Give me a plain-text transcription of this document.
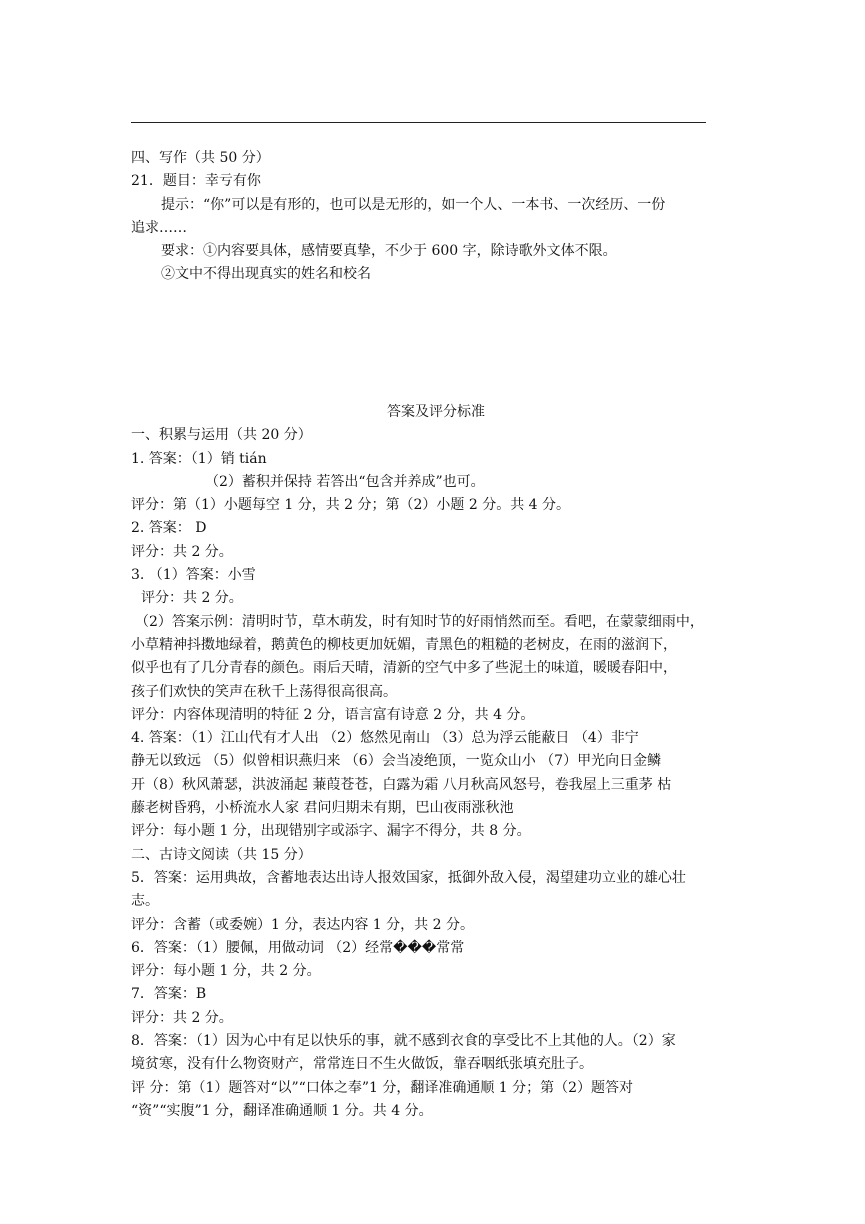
四、写作（共 50 分）
21．题目：幸亏有你
提示：“你”可以是有形的，也可以是无形的，如一个人、一本书、一次经历、一份
追求……
要求：①内容要具体，感情要真挚，不少于 600 字，除诗歌外文体不限。
②文中不得出现真实的姓名和校名
答案及评分标准
一、积累与运用（共 20 分）
1. 答案：（1）销 tián
（2）蓄积并保持 若答出“包含并养成”也可。
评分：第（1）小题每空 1 分，共 2 分；第（2）小题 2 分。共 4 分。
2. 答案： D
评分：共 2 分。
3. （1）答案：小雪
评分：共 2 分。
（2）答案示例：清明时节，草木萌发，时有知时节的好雨悄然而至。看吧，在蒙蒙细雨中，
小草精神抖擞地绿着，鹅黄色的柳枝更加妩媚，青黑色的粗糙的老树皮，在雨的滋润下，
似乎也有了几分青春的颜色。雨后天晴，清新的空气中多了些泥土的味道，暖暖春阳中，
孩子们欢快的笑声在秋千上荡得很高很高。
评分：内容体现清明的特征 2 分，语言富有诗意 2 分，共 4 分。
4. 答案：（1）江山代有才人出 （2）悠然见南山 （3）总为浮云能蔽日 （4）非宁
静无以致远 （5）似曾相识燕归来 （6）会当凌绝顶，一览众山小 （7）甲光向日金鳞
开（8）秋风萧瑟，洪波涌起 蒹葭苍苍，白露为霜 八月秋高风怒号，卷我屋上三重茅 枯
藤老树昏鸦，小桥流水人家 君问归期未有期，巴山夜雨涨秋池
评分：每小题 1 分，出现错别字或添字、漏字不得分，共 8 分。
二、古诗文阅读（共 15 分）
5．答案：运用典故，含蓄地表达出诗人报效国家，抵御外敌入侵，渴望建功立业的雄心壮
志。
评分：含蓄（或委婉）1 分，表达内容 1 分，共 2 分。
6．答案：（1）腰佩，用做动词 （2）经常���常常
评分：每小题 1 分，共 2 分。
7．答案：B
评分：共 2 分。
8．答案：（1）因为心中有足以快乐的事，就不感到衣食的享受比不上其他的人。（2）家
境贫寒，没有什么物资财产，常常连日不生火做饭，靠吞咽纸张填充肚子。
评 分：第（1）题答对“以”“口体之奉”1 分，翻译准确通顺 1 分；第（2）题答对
“资”“实腹”1 分，翻译准确通顺 1 分。共 4 分。
